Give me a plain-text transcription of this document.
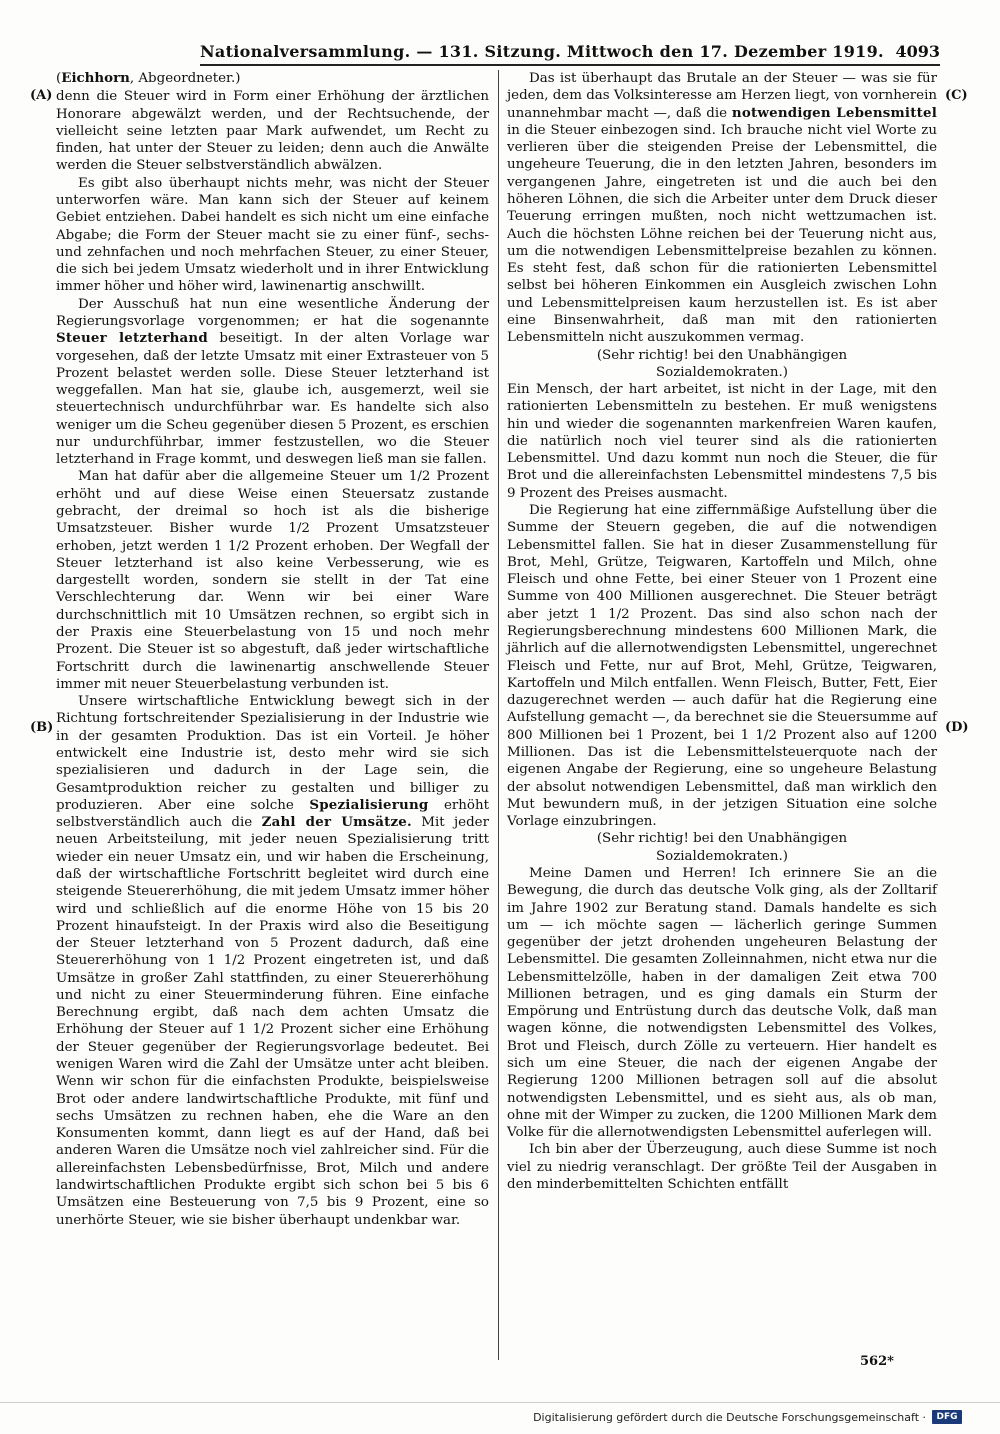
Nationalversammlung. — 131. Sitzung. Mittwoch den 17. Dezember 1919. 4093
(A)
(B)
(C)
(D)

(Eichhorn, Abgeordneter.)

denn die Steuer wird in Form einer Erhöhung der ärztlichen Honorare abgewälzt werden, und der Rechtsuchende, der vielleicht seine letzten paar Mark aufwendet, um Recht zu finden, hat unter der Steuer zu leiden; denn auch die Anwälte werden die Steuer selbstverständlich abwälzen.

Es gibt also überhaupt nichts mehr, was nicht der Steuer unterworfen wäre. Man kann sich der Steuer auf keinem Gebiet entziehen. Dabei handelt es sich nicht um eine einfache Abgabe; die Form der Steuer macht sie zu einer fünf-, sechs- und zehnfachen und noch mehrfachen Steuer, zu einer Steuer, die sich bei jedem Umsatz wiederholt und in ihrer Entwicklung immer höher und höher wird, lawinenartig anschwillt.

Der Ausschuß hat nun eine wesentliche Änderung der Regierungsvorlage vorgenommen; er hat die sogenannte Steuer letzterhand beseitigt. In der alten Vorlage war vorgesehen, daß der letzte Umsatz mit einer Extrasteuer von 5 Prozent belastet werden solle. Diese Steuer letzterhand ist weggefallen. Man hat sie, glaube ich, ausgemerzt, weil sie steuertechnisch undurchführbar war. Es handelte sich also weniger um die Scheu gegenüber diesen 5 Prozent, es erschien nur undurchführbar, immer festzustellen, wo die Steuer letzterhand in Frage kommt, und deswegen ließ man sie fallen.

Man hat dafür aber die allgemeine Steuer um 1/2 Prozent erhöht und auf diese Weise einen Steuersatz zustande gebracht, der dreimal so hoch ist als die bisherige Umsatzsteuer. Bisher wurde 1/2 Prozent Umsatzsteuer erhoben, jetzt werden 1 1/2 Prozent erhoben. Der Wegfall der Steuer letzterhand ist also keine Verbesserung, wie es dargestellt worden, sondern sie stellt in der Tat eine Verschlechterung dar. Wenn wir bei einer Ware durchschnittlich mit 10 Umsätzen rechnen, so ergibt sich in der Praxis eine Steuerbelastung von 15 und noch mehr Prozent. Die Steuer ist so abgestuft, daß jeder wirtschaftliche Fortschritt durch die lawinenartig anschwellende Steuer immer mit neuer Steuerbelastung verbunden ist.

Unsere wirtschaftliche Entwicklung bewegt sich in der Richtung fortschreitender Spezialisierung in der Industrie wie in der gesamten Produktion. Das ist ein Vorteil. Je höher entwickelt eine Industrie ist, desto mehr wird sie sich spezialisieren und dadurch in der Lage sein, die Gesamtproduktion reicher zu gestalten und billiger zu produzieren. Aber eine solche Spezialisierung erhöht selbstverständlich auch die Zahl der Umsätze. Mit jeder neuen Arbeitsteilung, mit jeder neuen Spezialisierung tritt wieder ein neuer Umsatz ein, und wir haben die Erscheinung, daß der wirtschaftliche Fortschritt begleitet wird durch eine steigende Steuererhöhung, die mit jedem Umsatz immer höher wird und schließlich auf die enorme Höhe von 15 bis 20 Prozent hinaufsteigt. In der Praxis wird also die Beseitigung der Steuer letzterhand von 5 Prozent dadurch, daß eine Steuererhöhung von 1 1/2 Prozent eingetreten ist, und daß Umsätze in großer Zahl stattfinden, zu einer Steuererhöhung und nicht zu einer Steuerminderung führen. Eine einfache Berechnung ergibt, daß nach dem achten Umsatz die Erhöhung der Steuer auf 1 1/2 Prozent sicher eine Erhöhung der Steuer gegenüber der Regierungsvorlage bedeutet. Bei wenigen Waren wird die Zahl der Umsätze unter acht bleiben. Wenn wir schon für die einfachsten Produkte, beispielsweise Brot oder andere landwirtschaftliche Produkte, mit fünf und sechs Umsätzen zu rechnen haben, ehe die Ware an den Konsumenten kommt, dann liegt es auf der Hand, daß bei anderen Waren die Umsätze noch viel zahlreicher sind. Für die allereinfachsten Lebensbedürfnisse, Brot, Milch und andere landwirtschaftlichen Produkte ergibt sich schon bei 5 bis 6 Umsätzen eine Besteuerung von 7,5 bis 9 Prozent, eine so unerhörte Steuer, wie sie bisher überhaupt undenkbar war.

Das ist überhaupt das Brutale an der Steuer — was sie für jeden, dem das Volksinteresse am Herzen liegt, von vornherein unannehmbar macht —, daß die notwendigen Lebensmittel in die Steuer einbezogen sind. Ich brauche nicht viel Worte zu verlieren über die steigenden Preise der Lebensmittel, die ungeheure Teuerung, die in den letzten Jahren, besonders im vergangenen Jahre, eingetreten ist und die auch bei den höheren Löhnen, die sich die Arbeiter unter dem Druck dieser Teuerung erringen mußten, noch nicht wettzumachen ist. Auch die höchsten Löhne reichen bei der Teuerung nicht aus, um die notwendigen Lebensmittelpreise bezahlen zu können. Es steht fest, daß schon für die rationierten Lebensmittel selbst bei höheren Einkommen ein Ausgleich zwischen Lohn und Lebensmittelpreisen kaum herzustellen ist. Es ist aber eine Binsenwahrheit, daß man mit den rationierten Lebensmitteln nicht auszukommen vermag.

(Sehr richtig! bei den Unabhängigen Sozialdemokraten.)

Ein Mensch, der hart arbeitet, ist nicht in der Lage, mit den rationierten Lebensmitteln zu bestehen. Er muß wenigstens hin und wieder die sogenannten markenfreien Waren kaufen, die natürlich noch viel teurer sind als die rationierten Lebensmittel. Und dazu kommt nun noch die Steuer, die für Brot und die allereinfachsten Lebensmittel mindestens 7,5 bis 9 Prozent des Preises ausmacht.

Die Regierung hat eine ziffernmäßige Aufstellung über die Summe der Steuern gegeben, die auf die notwendigen Lebensmittel fallen. Sie hat in dieser Zusammenstellung für Brot, Mehl, Grütze, Teigwaren, Kartoffeln und Milch, ohne Fleisch und ohne Fette, bei einer Steuer von 1 Prozent eine Summe von 400 Millionen ausgerechnet. Die Steuer beträgt aber jetzt 1 1/2 Prozent. Das sind also schon nach der Regierungsberechnung mindestens 600 Millionen Mark, die jährlich auf die allernotwendigsten Lebensmittel, ungerechnet Fleisch und Fette, nur auf Brot, Mehl, Grütze, Teigwaren, Kartoffeln und Milch entfallen. Wenn Fleisch, Butter, Fett, Eier dazugerechnet werden — auch dafür hat die Regierung eine Aufstellung gemacht —, da berechnet sie die Steuersumme auf 800 Millionen bei 1 Prozent, bei 1 1/2 Prozent also auf 1200 Millionen. Das ist die Lebensmittelsteuerquote nach der eigenen Angabe der Regierung, eine so ungeheure Belastung der absolut notwendigen Lebensmittel, daß man wirklich den Mut bewundern muß, in der jetzigen Situation eine solche Vorlage einzubringen.

(Sehr richtig! bei den Unabhängigen Sozialdemokraten.)

Meine Damen und Herren! Ich erinnere Sie an die Bewegung, die durch das deutsche Volk ging, als der Zolltarif im Jahre 1902 zur Beratung stand. Damals handelte es sich um — ich möchte sagen — lächerlich geringe Summen gegenüber der jetzt drohenden ungeheuren Belastung der Lebensmittel. Die gesamten Zolleinnahmen, nicht etwa nur die Lebensmittelzölle, haben in der damaligen Zeit etwa 700 Millionen betragen, und es ging damals ein Sturm der Empörung und Entrüstung durch das deutsche Volk, daß man wagen könne, die notwendigsten Lebensmittel des Volkes, Brot und Fleisch, durch Zölle zu verteuern. Hier handelt es sich um eine Steuer, die nach der eigenen Angabe der Regierung 1200 Millionen betragen soll auf die absolut notwendigsten Lebensmittel, und es sieht aus, als ob man, ohne mit der Wimper zu zucken, die 1200 Millionen Mark dem Volke für die allernotwendigsten Lebensmittel auferlegen will.

Ich bin aber der Überzeugung, auch diese Summe ist noch viel zu niedrig veranschlagt. Der größte Teil der Ausgaben in den minderbemittelten Schichten entfällt

562*
Digitalisierung gefördert durch die Deutsche Forschungsgemeinschaft ·	DFG
